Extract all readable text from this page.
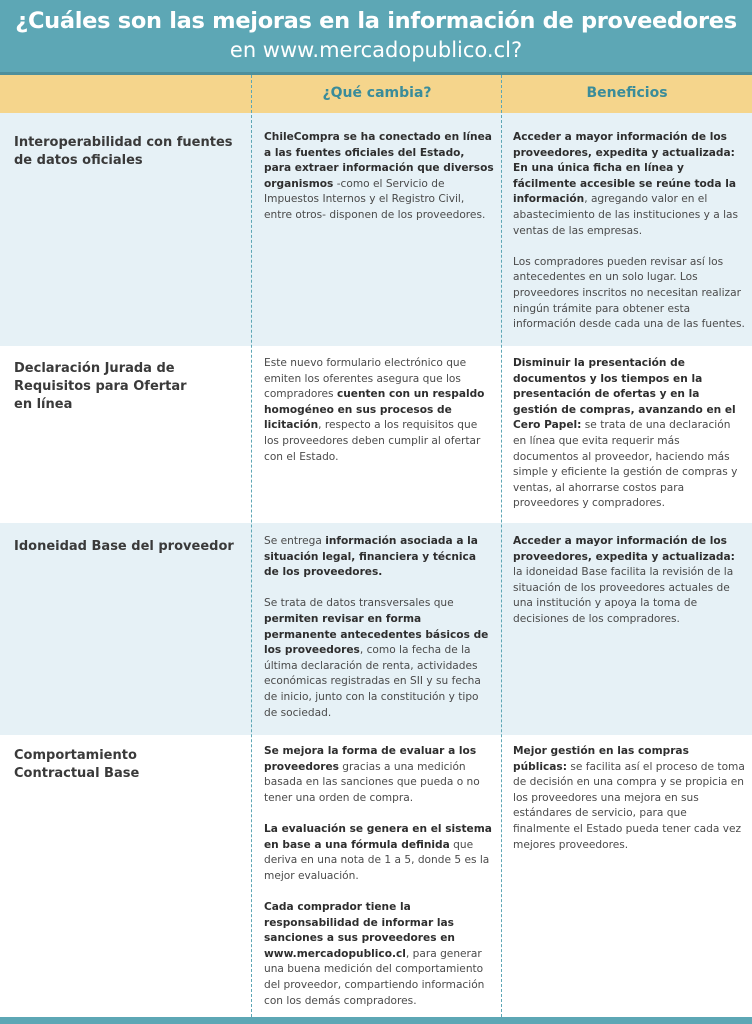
¿Cuáles son las mejoras en la información de proveedores
en www.mercadopublico.cl?
¿Qué cambia?	Beneficios
Interoperabilidad con fuentes de datos oficiales

ChileCompra se ha conectado en línea a las fuentes oficiales del Estado, para extraer información que diversos organismos -como el Servicio de Impuestos Internos y el Registro Civil, entre otros- disponen de los proveedores.

Acceder a mayor información de los proveedores, expedita y actualizada: En una única ficha en línea y fácilmente accesible se reúne toda la información, agregando valor en el abastecimiento de las instituciones y a las ventas de las empresas.

Los compradores pueden revisar así los antecedentes en un solo lugar. Los proveedores inscritos no necesitan realizar ningún trámite para obtener esta información desde cada una de las fuentes.

Declaración Jurada de Requisitos para Ofertar en línea

Este nuevo formulario electrónico que emiten los oferentes asegura que los compradores cuenten con un respaldo homogéneo en sus procesos de licitación, respecto a los requisitos que los proveedores deben cumplir al ofertar con el Estado.

Disminuir la presentación de documentos y los tiempos en la presentación de ofertas y en la gestión de compras, avanzando en el Cero Papel: se trata de una declaración en línea que evita requerir más documentos al proveedor, haciendo más simple y eficiente la gestión de compras y ventas, al ahorrarse costos para proveedores y compradores.

Idoneidad Base del proveedor	Se entrega información asociada a la situación legal, financiera y técnica de los proveedores.

Se trata de datos transversales que permiten revisar en forma permanente antecedentes básicos de los proveedores, como la fecha de la última declaración de renta, actividades económicas registradas en SII y su fecha de inicio, junto con la constitución y tipo de sociedad.

Acceder a mayor información de los proveedores, expedita y actualizada: la idoneidad Base facilita la revisión de la situación de los proveedores actuales de una institución y apoya la toma de decisiones de los compradores.

Comportamiento Contractual Base

Se mejora la forma de evaluar a los proveedores gracias a una medición basada en las sanciones que pueda o no tener una orden de compra.

La evaluación se genera en el sistema en base a una fórmula definida que deriva en una nota de 1 a 5, donde 5 es la mejor evaluación.

Cada comprador tiene la responsabilidad de informar las sanciones a sus proveedores en www.mercadopublico.cl, para generar una buena medición del comportamiento del proveedor, compartiendo información con los demás compradores.

Mejor gestión en las compras públicas: se facilita así el proceso de toma de decisión en una compra y se propicia en los proveedores una mejora en sus estándares de servicio, para que finalmente el Estado pueda tener cada vez mejores proveedores.
